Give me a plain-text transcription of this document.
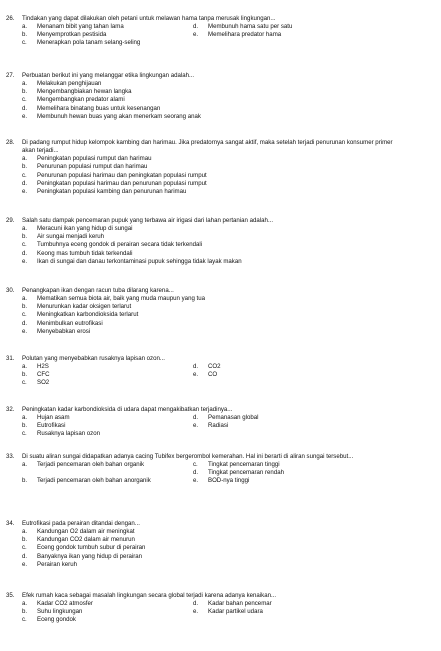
26. Tindakan yang dapat dilakukan oleh petani untuk melawan hama tanpa merusak lingkungan...
a. Menanam bibit yang tahan lama	d. Membunuh hama satu per satu
b. Menyemprotkan pestisida	e. Memelihara predator hama
c. Menerapkan pola tanam selang-seling
27. Perbuatan berikut ini yang melanggar etika lingkungan adalah...
a. Melakukan penghijauan
b. Mengembangbiakan hewan langka
c. Mengembangkan predator alami
d. Memelihara binatang buas untuk kesenangan
e. Membunuh hewan buas yang akan menerkam seorang anak
28. Di padang rumput hidup kelompok kambing dan harimau. Jika predatornya sangat aktif, maka setelah terjadi penurunan konsumer primer akan terjadi...
a. Peningkatan populasi rumput dan harimau
b. Penurunan populasi rumput dan harimau
c. Penurunan populasi harimau dan peningkatan populasi rumput
d. Peningkatan populasi harimau dan penurunan populasi rumput
e. Peningkatan populasi kambing dan penurunan harimau
29. Salah satu dampak pencemaran pupuk yang terbawa air irigasi dari lahan pertanian adalah...
a. Meracuni ikan yang hidup di sungai
b. Air sungai menjadi keruh
c. Tumbuhnya eceng gondok di perairan secara tidak terkendali
d. Keong mas tumbuh tidak terkendali
e. Ikan di sungai dan danau terkontaminasi pupuk sehingga tidak layak makan
30. Penangkapan ikan dengan racun tuba dilarang karena...
a. Mematikan semua biota air, baik yang muda maupun yang tua
b. Menurunkan kadar oksigen terlarut
c. Meningkatkan karbondioksida terlarut
d. Menimbulkan eutrofikasi
e. Menyebabkan erosi
31. Polutan yang menyebabkan rusaknya lapisan ozon...
a. H2S	d. CO2
b. CFC	e. CO
c. SO2
32. Peningkatan kadar karbondioksida di udara dapat mengakibatkan terjadinya...
a. Hujan asam	d. Pemanasan global
b. Eutrofikasi	e. Radiasi
c. Rusaknya lapisan ozon
33. Di suatu aliran sungai didapatkan adanya cacing Tubifex bergerombol kemerahan. Hal ini berarti di aliran sungai tersebut...
a. Terjadi pencemaran oleh bahan organik	c. Tingkat pencemaran tinggi
d. Tingkat pencemaran rendah
b. Terjadi pencemaran oleh bahan anorganik	e. BOD-nya tinggi
34. Eutrofikasi pada perairan ditandai dengan...
a. Kandungan O2 dalam air meningkat
b. Kandungan CO2 dalam air menurun
c. Eceng gondok tumbuh subur di perairan
d. Banyaknya ikan yang hidup di perairan
e. Perairan keruh
35. Efek rumah kaca sebagai masalah lingkungan secara global terjadi karena adanya kenaikan...
a. Kadar CO2 atmosfer	d. Kadar bahan pencemar
b. Suhu lingkungan	e. Kadar partikel udara
c. Eceng gondok
